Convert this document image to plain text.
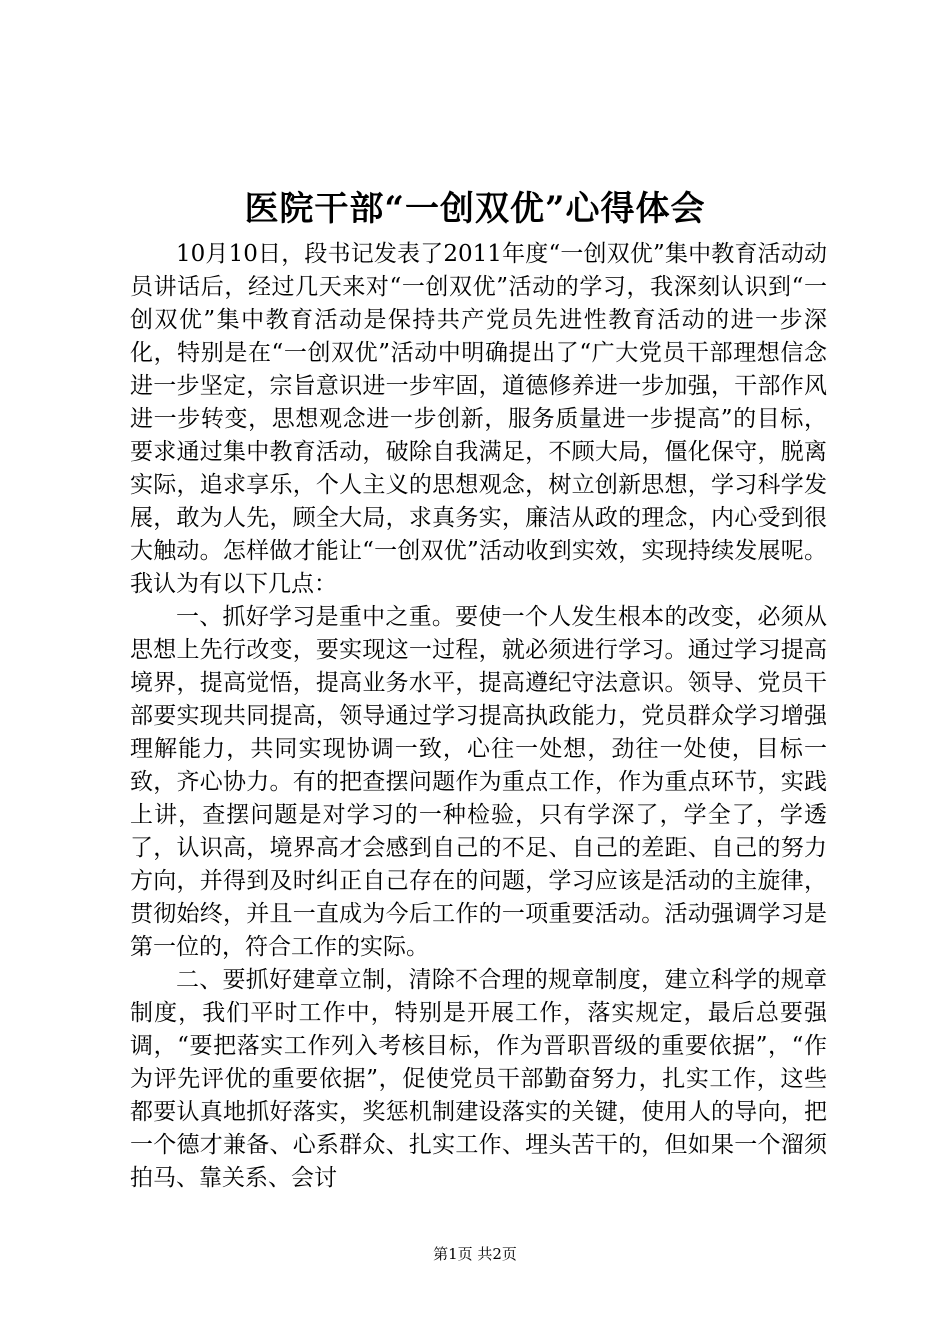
医院干部“一创双优”心得体会

10月10日，段书记发表了2011年度“一创双优”集中教育活动动员讲话后，经过几天来对“一创双优”活动的学习，我深刻认识到“一创双优”集中教育活动是保持共产党员先进性教育活动的进一步深化，特别是在“一创双优”活动中明确提出了“广大党员干部理想信念进一步坚定，宗旨意识进一步牢固，道德修养进一步加强，干部作风进一步转变，思想观念进一步创新，服务质量进一步提高”的目标，要求通过集中教育活动，破除自我满足，不顾大局，僵化保守，脱离实际，追求享乐，个人主义的思想观念，树立创新思想，学习科学发展，敢为人先，顾全大局，求真务实，廉洁从政的理念，内心受到很大触动。怎样做才能让“一创双优”活动收到实效，实现持续发展呢。我认为有以下几点：

一、抓好学习是重中之重。要使一个人发生根本的改变，必须从思想上先行改变，要实现这一过程，就必须进行学习。通过学习提高境界，提高觉悟，提高业务水平，提高遵纪守法意识。领导、党员干部要实现共同提高，领导通过学习提高执政能力，党员群众学习增强理解能力，共同实现协调一致，心往一处想，劲往一处使，目标一致，齐心协力。有的把查摆问题作为重点工作，作为重点环节，实践上讲，查摆问题是对学习的一种检验，只有学深了，学全了，学透了，认识高，境界高才会感到自己的不足、自己的差距、自己的努力方向，并得到及时纠正自己存在的问题，学习应该是活动的主旋律，贯彻始终，并且一直成为今后工作的一项重要活动。活动强调学习是第一位的，符合工作的实际。

二、要抓好建章立制，清除不合理的规章制度，建立科学的规章制度，我们平时工作中，特别是开展工作，落实规定，最后总要强调，“要把落实工作列入考核目标，作为晋职晋级的重要依据”，“作为评先评优的重要依据”，促使党员干部勤奋努力，扎实工作，这些都要认真地抓好落实，奖惩机制建设落实的关键，使用人的导向，把一个德才兼备、心系群众、扎实工作、埋头苦干的，但如果一个溜须拍马、靠关系、会讨

第1页 共2页
